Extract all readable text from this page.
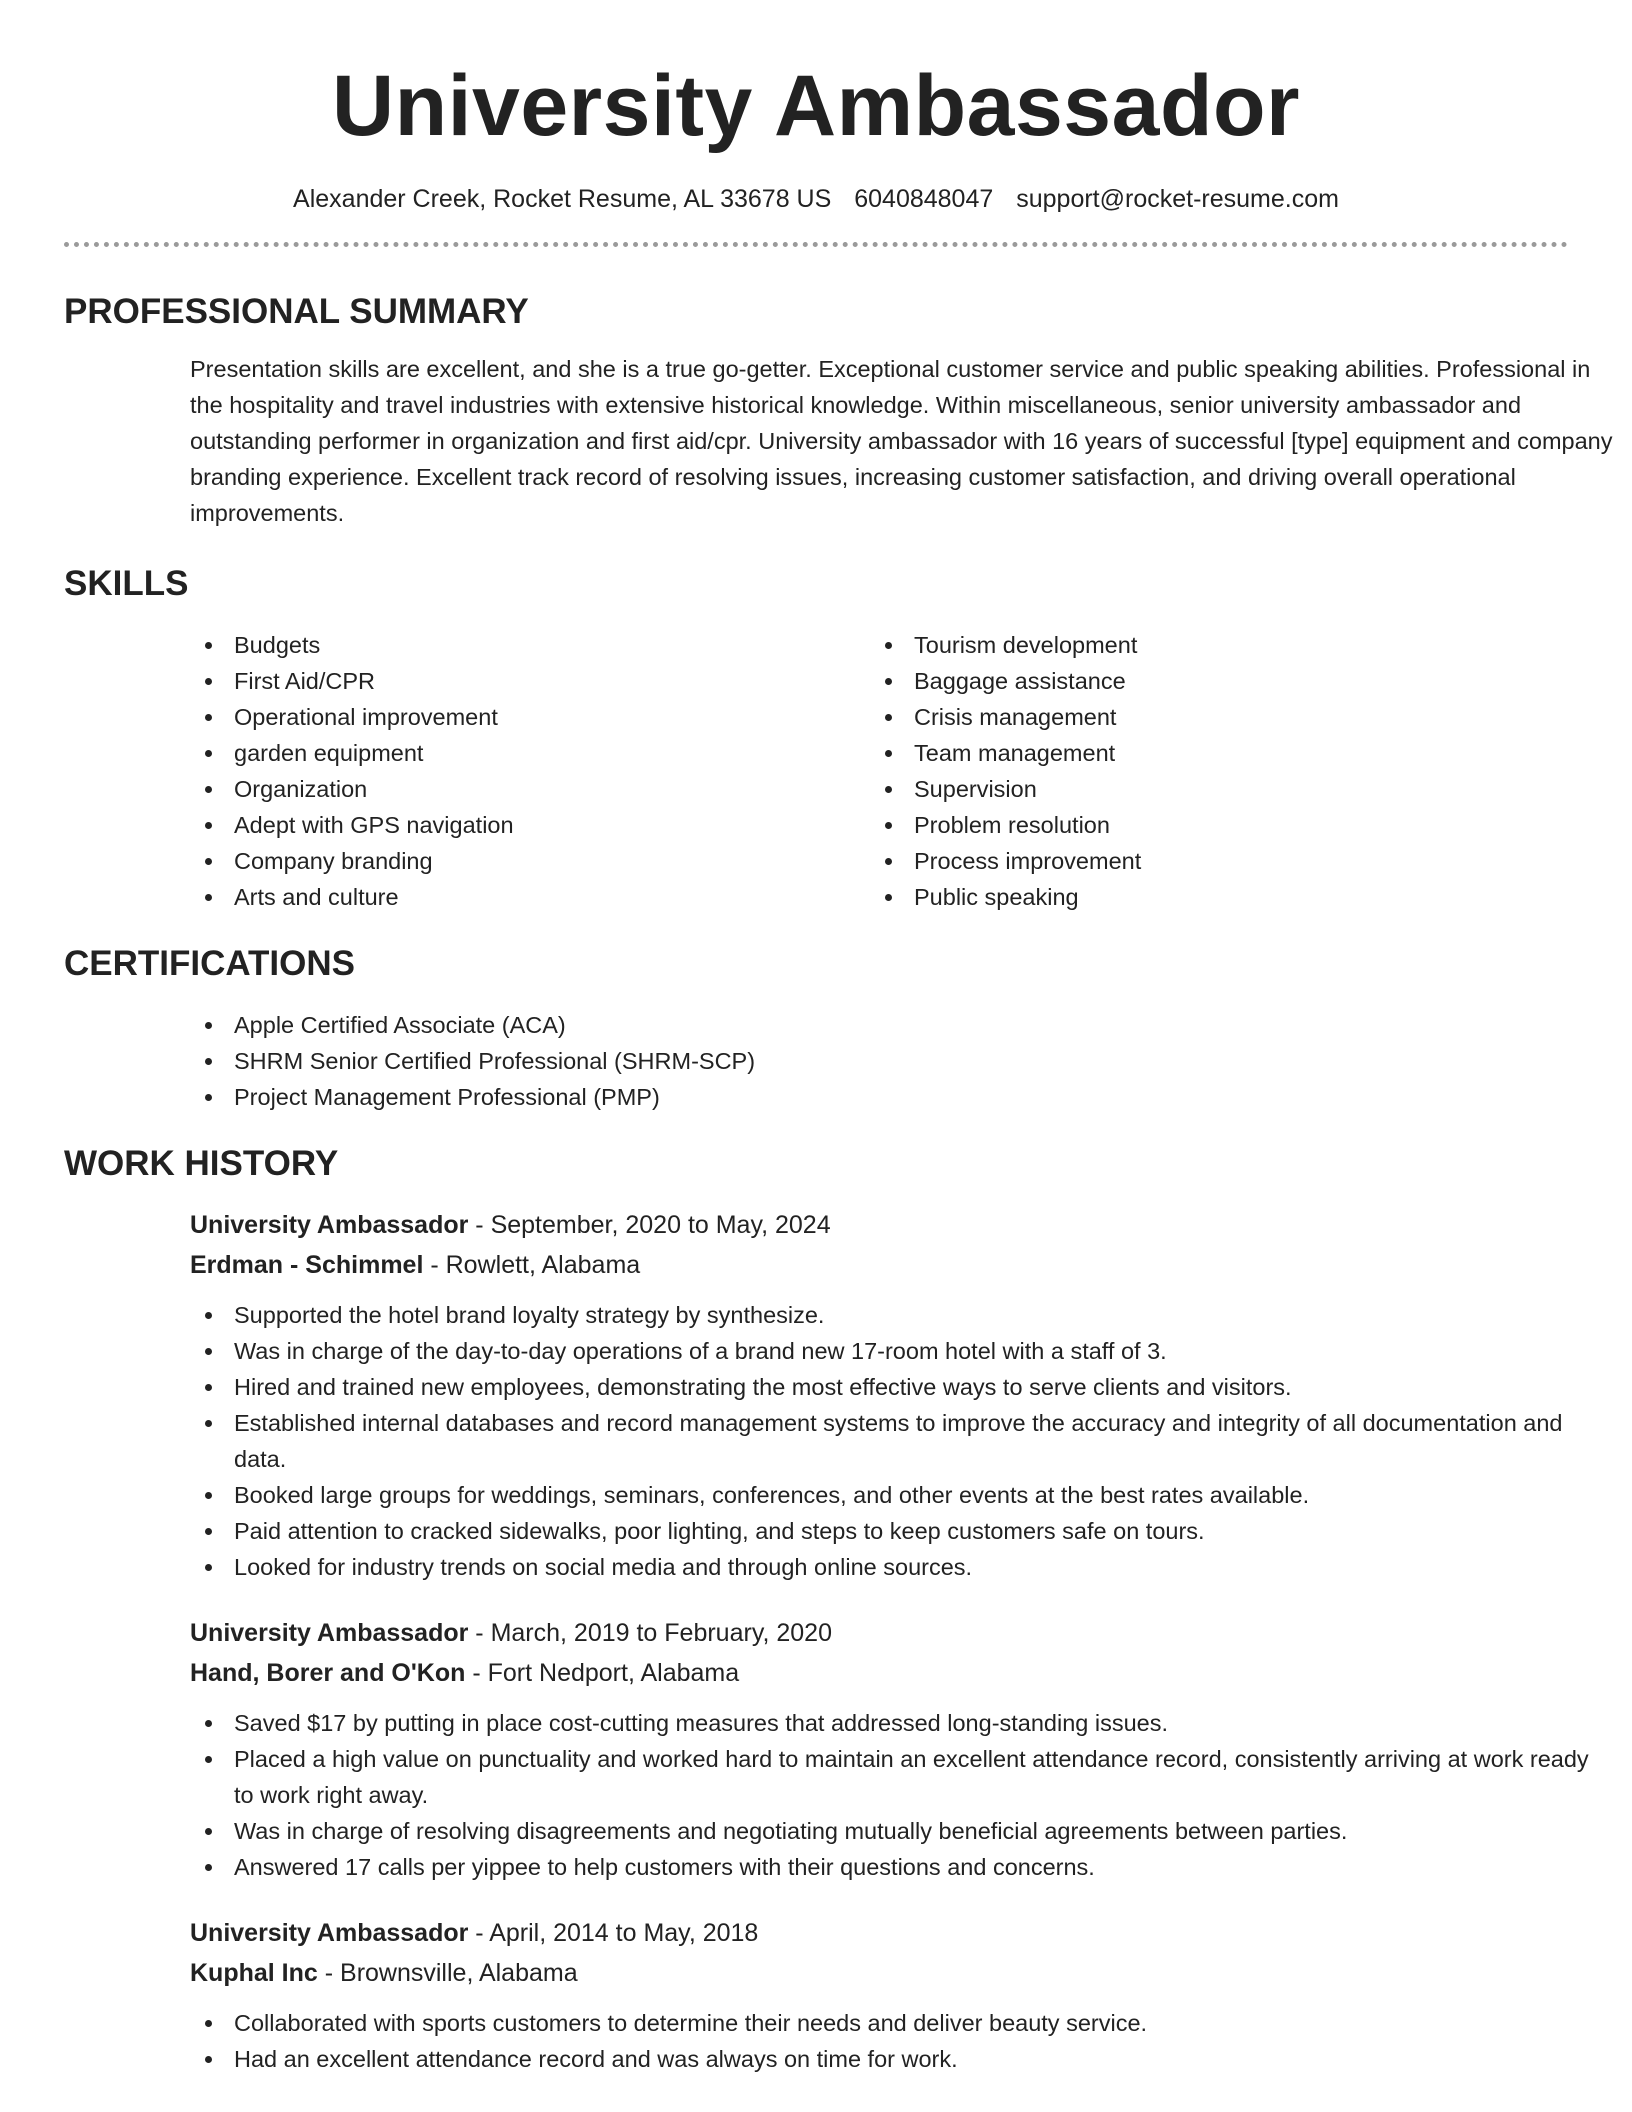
University Ambassador
Alexander Creek, Rocket Resume, AL 33678 US 6040848047 support@rocket-resume.com
PROFESSIONAL SUMMARY

Presentation skills are excellent, and she is a true go-getter. Exceptional customer service and public speaking abilities. Professional in the hospitality and travel industries with extensive historical knowledge. Within miscellaneous, senior university ambassador and outstanding performer in organization and first aid/cpr. University ambassador with 16 years of successful [type] equipment and company branding experience. Excellent track record of resolving issues, increasing customer satisfaction, and driving overall operational improvements.

SKILLS
Budgets
First Aid/CPR
Operational improvement
garden equipment
Organization
Adept with GPS navigation
Company branding
Arts and culture
Tourism development
Baggage assistance
Crisis management
Team management
Supervision
Problem resolution
Process improvement
Public speaking
CERTIFICATIONS
Apple Certified Associate (ACA)
SHRM Senior Certified Professional (SHRM-SCP)
Project Management Professional (PMP)
WORK HISTORY
University Ambassador - September, 2020 to May, 2024
Erdman - Schimmel - Rowlett, Alabama
Supported the hotel brand loyalty strategy by synthesize.
Was in charge of the day-to-day operations of a brand new 17-room hotel with a staff of 3.
Hired and trained new employees, demonstrating the most effective ways to serve clients and visitors.
Established internal databases and record management systems to improve the accuracy and integrity of all documentation and data.
Booked large groups for weddings, seminars, conferences, and other events at the best rates available.
Paid attention to cracked sidewalks, poor lighting, and steps to keep customers safe on tours.
Looked for industry trends on social media and through online sources.
University Ambassador - March, 2019 to February, 2020
Hand, Borer and O'Kon - Fort Nedport, Alabama
Saved $17 by putting in place cost-cutting measures that addressed long-standing issues.
Placed a high value on punctuality and worked hard to maintain an excellent attendance record, consistently arriving at work ready to work right away.
Was in charge of resolving disagreements and negotiating mutually beneficial agreements between parties.
Answered 17 calls per yippee to help customers with their questions and concerns.
University Ambassador - April, 2014 to May, 2018
Kuphal Inc - Brownsville, Alabama
Collaborated with sports customers to determine their needs and deliver beauty service.
Had an excellent attendance record and was always on time for work.
